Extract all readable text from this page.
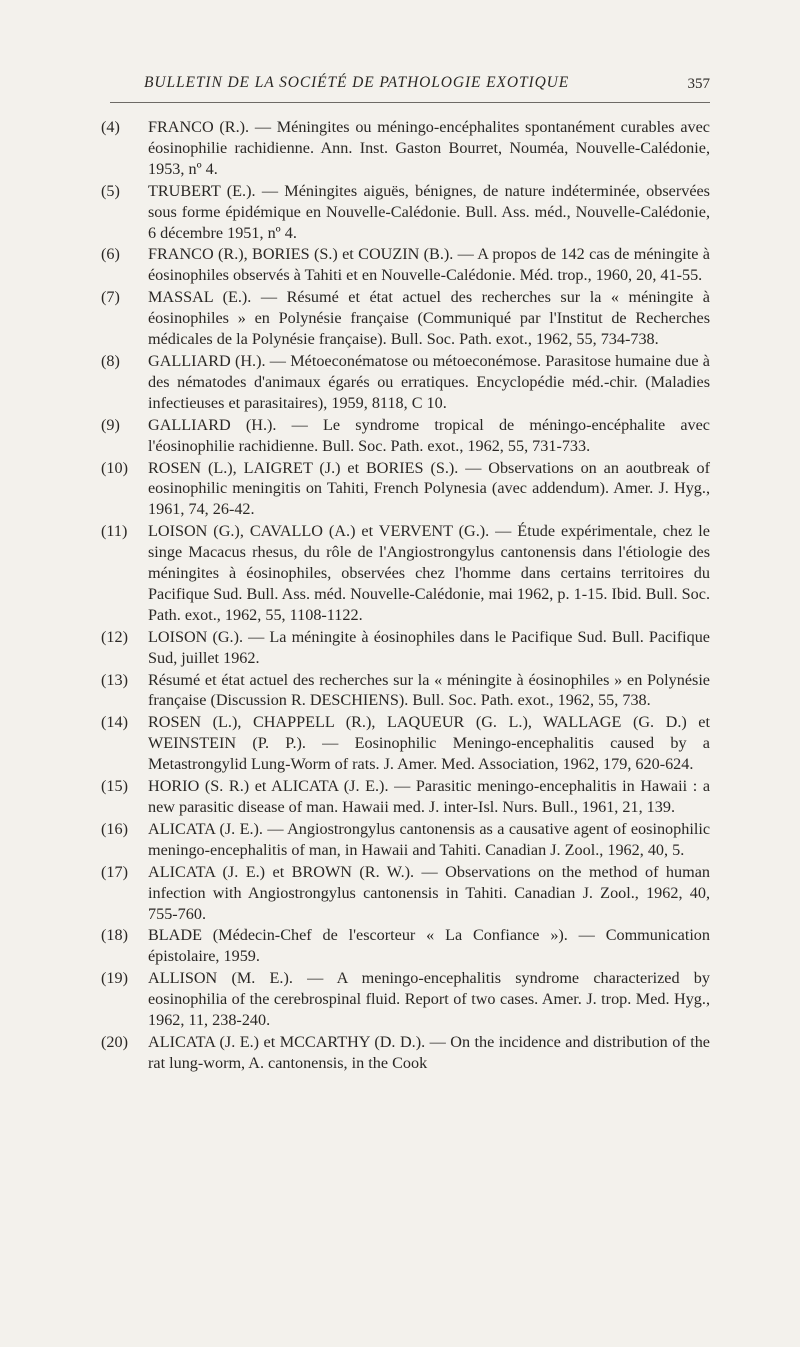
BULLETIN DE LA SOCIÉTÉ DE PATHOLOGIE EXOTIQUE	357
(4) FRANCO (R.). — Méningites ou méningo-encéphalites spontanément curables avec éosinophilie rachidienne. Ann. Inst. Gaston Bourret, Nouméa, Nouvelle-Calédonie, 1953, nº 4.
(5) TRUBERT (E.). — Méningites aiguës, bénignes, de nature indéterminée, observées sous forme épidémique en Nouvelle-Calédonie. Bull. Ass. méd., Nouvelle-Calédonie, 6 décembre 1951, nº 4.
(6) FRANCO (R.), BORIES (S.) et COUZIN (B.). — A propos de 142 cas de méningite à éosinophiles observés à Tahiti et en Nouvelle-Calédonie. Méd. trop., 1960, 20, 41-55.
(7) MASSAL (E.). — Résumé et état actuel des recherches sur la « méningite à éosinophiles » en Polynésie française (Communiqué par l'Institut de Recherches médicales de la Polynésie française). Bull. Soc. Path. exot., 1962, 55, 734-738.
(8) GALLIARD (H.). — Métoeconématose ou métoeconémose. Parasitose humaine due à des nématodes d'animaux égarés ou erratiques. Encyclopédie méd.-chir. (Maladies infectieuses et parasitaires), 1959, 8118, C 10.
(9) GALLIARD (H.). — Le syndrome tropical de méningo-encéphalite avec l'éosinophilie rachidienne. Bull. Soc. Path. exot., 1962, 55, 731-733.
(10) ROSEN (L.), LAIGRET (J.) et BORIES (S.). — Observations on an aoutbreak of eosinophilic meningitis on Tahiti, French Polynesia (avec addendum). Amer. J. Hyg., 1961, 74, 26-42.
(11) LOISON (G.), CAVALLO (A.) et VERVENT (G.). — Étude expérimentale, chez le singe Macacus rhesus, du rôle de l'Angiostrongylus cantonensis dans l'étiologie des méningites à éosinophiles, observées chez l'homme dans certains territoires du Pacifique Sud. Bull. Ass. méd. Nouvelle-Calédonie, mai 1962, p. 1-15. Ibid. Bull. Soc. Path. exot., 1962, 55, 1108-1122.
(12) LOISON (G.). — La méningite à éosinophiles dans le Pacifique Sud. Bull. Pacifique Sud, juillet 1962.
(13) Résumé et état actuel des recherches sur la « méningite à éosinophiles » en Polynésie française (Discussion R. DESCHIENS). Bull. Soc. Path. exot., 1962, 55, 738.
(14) ROSEN (L.), CHAPPELL (R.), LAQUEUR (G. L.), WALLAGE (G. D.) et WEINSTEIN (P. P.). — Eosinophilic Meningo-encephalitis caused by a Metastrongylid Lung-Worm of rats. J. Amer. Med. Association, 1962, 179, 620-624.
(15) HORIO (S. R.) et ALICATA (J. E.). — Parasitic meningo-encephalitis in Hawaii : a new parasitic disease of man. Hawaii med. J. inter-Isl. Nurs. Bull., 1961, 21, 139.
(16) ALICATA (J. E.). — Angiostrongylus cantonensis as a causative agent of eosinophilic meningo-encephalitis of man, in Hawaii and Tahiti. Canadian J. Zool., 1962, 40, 5.
(17) ALICATA (J. E.) et BROWN (R. W.). — Observations on the method of human infection with Angiostrongylus cantonensis in Tahiti. Canadian J. Zool., 1962, 40, 755-760.
(18) BLADE (Médecin-Chef de l'escorteur « La Confiance »). — Communication épistolaire, 1959.
(19) ALLISON (M. E.). — A meningo-encephalitis syndrome characterized by eosinophilia of the cerebrospinal fluid. Report of two cases. Amer. J. trop. Med. Hyg., 1962, 11, 238-240.
(20) ALICATA (J. E.) et MCCARTHY (D. D.). — On the incidence and distribution of the rat lung-worm, A. cantonensis, in the Cook
